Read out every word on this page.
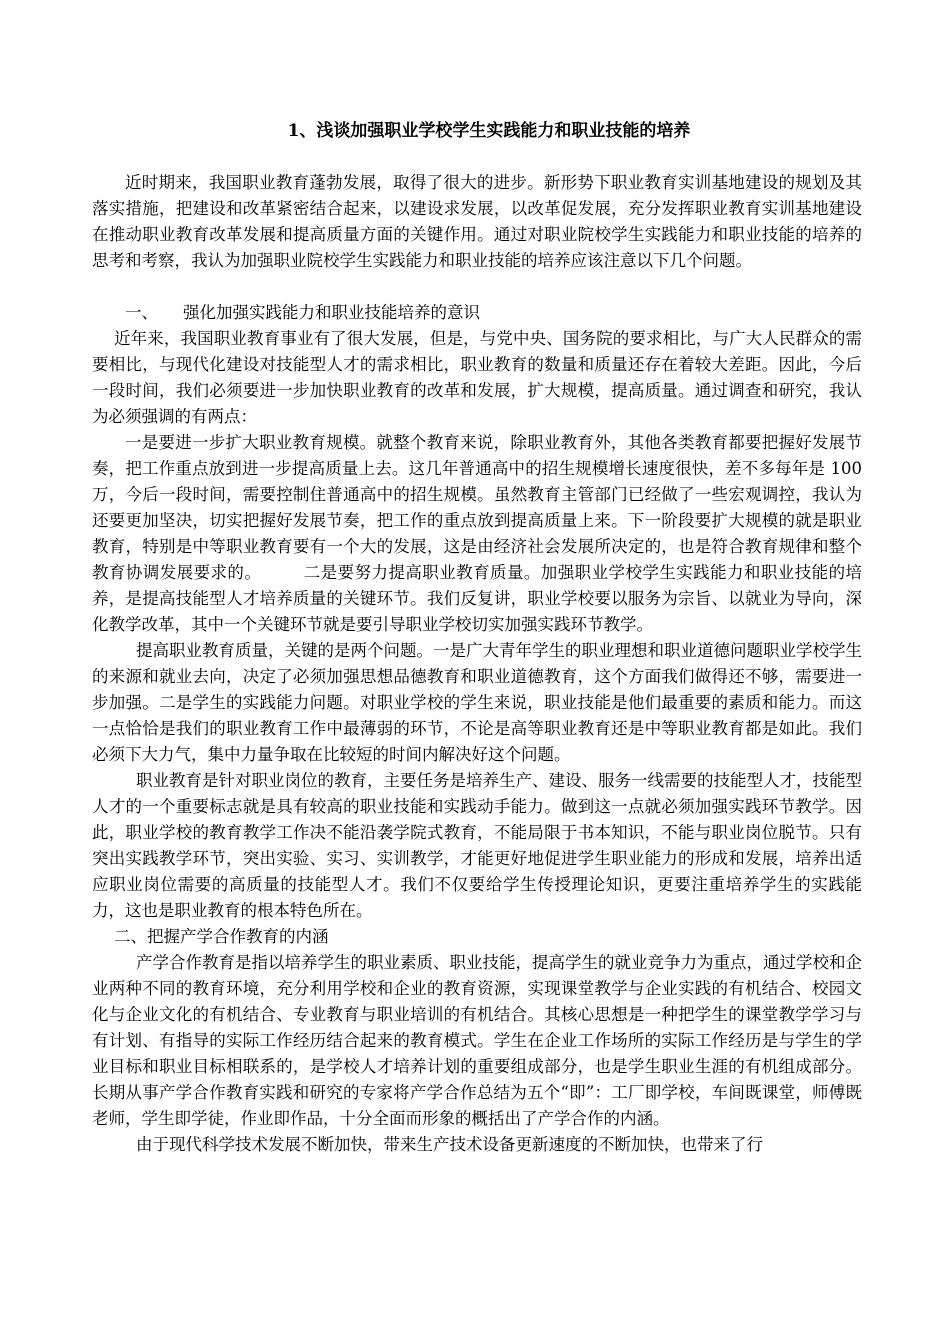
1、浅谈加强职业学校学生实践能力和职业技能的培养

近时期来，我国职业教育蓬勃发展，取得了很大的进步。新形势下职业教育实训基地建设的规划及其落实措施，把建设和改革紧密结合起来，以建设求发展，以改革促发展，充分发挥职业教育实训基地建设在推动职业教育改革发展和提高质量方面的关键作用。通过对职业院校学生实践能力和职业技能的培养的思考和考察，我认为加强职业院校学生实践能力和职业技能的培养应该注意以下几个问题。

一、 强化加强实践能力和职业技能培养的意识

近年来，我国职业教育事业有了很大发展，但是，与党中央、国务院的要求相比，与广大人民群众的需要相比，与现代化建设对技能型人才的需求相比，职业教育的数量和质量还存在着较大差距。因此，今后一段时间，我们必须要进一步加快职业教育的改革和发展，扩大规模，提高质量。通过调查和研究，我认为必须强调的有两点：

一是要进一步扩大职业教育规模。就整个教育来说，除职业教育外，其他各类教育都要把握好发展节奏，把工作重点放到进一步提高质量上去。这几年普通高中的招生规模增长速度很快，差不多每年是 100 万，今后一段时间，需要控制住普通高中的招生规模。虽然教育主管部门已经做了一些宏观调控，我认为还要更加坚决，切实把握好发展节奏，把工作的重点放到提高质量上来。下一阶段要扩大规模的就是职业教育，特别是中等职业教育要有一个大的发展，这是由经济社会发展所决定的，也是符合教育规律和整个教育协调发展要求的。　　　二是要努力提高职业教育质量。加强职业学校学生实践能力和职业技能的培养，是提高技能型人才培养质量的关键环节。我们反复讲，职业学校要以服务为宗旨、以就业为导向，深化教学改革，其中一个关键环节就是要引导职业学校切实加强实践环节教学。

提高职业教育质量，关键的是两个问题。一是广大青年学生的职业理想和职业道德问题职业学校学生的来源和就业去向，决定了必须加强思想品德教育和职业道德教育，这个方面我们做得还不够，需要进一步加强。二是学生的实践能力问题。对职业学校的学生来说，职业技能是他们最重要的素质和能力。而这一点恰恰是我们的职业教育工作中最薄弱的环节，不论是高等职业教育还是中等职业教育都是如此。我们必须下大力气，集中力量争取在比较短的时间内解决好这个问题。

职业教育是针对职业岗位的教育，主要任务是培养生产、建设、服务一线需要的技能型人才，技能型人才的一个重要标志就是具有较高的职业技能和实践动手能力。做到这一点就必须加强实践环节教学。因此，职业学校的教育教学工作决不能沿袭学院式教育，不能局限于书本知识，不能与职业岗位脱节。只有突出实践教学环节，突出实验、实习、实训教学，才能更好地促进学生职业能力的形成和发展，培养出适应职业岗位需要的高质量的技能型人才。我们不仅要给学生传授理论知识，更要注重培养学生的实践能力，这也是职业教育的根本特色所在。

二、把握产学合作教育的内涵

产学合作教育是指以培养学生的职业素质、职业技能，提高学生的就业竞争力为重点，通过学校和企业两种不同的教育环境，充分利用学校和企业的教育资源，实现课堂教学与企业实践的有机结合、校园文化与企业文化的有机结合、专业教育与职业培训的有机结合。其核心思想是一种把学生的课堂教学学习与有计划、有指导的实际工作经历结合起来的教育模式。学生在企业工作场所的实际工作经历是与学生的学业目标和职业目标相联系的，是学校人才培养计划的重要组成部分，也是学生职业生涯的有机组成部分。长期从事产学合作教育实践和研究的专家将产学合作总结为五个“即”：工厂即学校，车间既课堂，师傅既老师，学生即学徒，作业即作品，十分全面而形象的概括出了产学合作的内涵。

由于现代科学技术发展不断加快，带来生产技术设备更新速度的不断加快，也带来了行
